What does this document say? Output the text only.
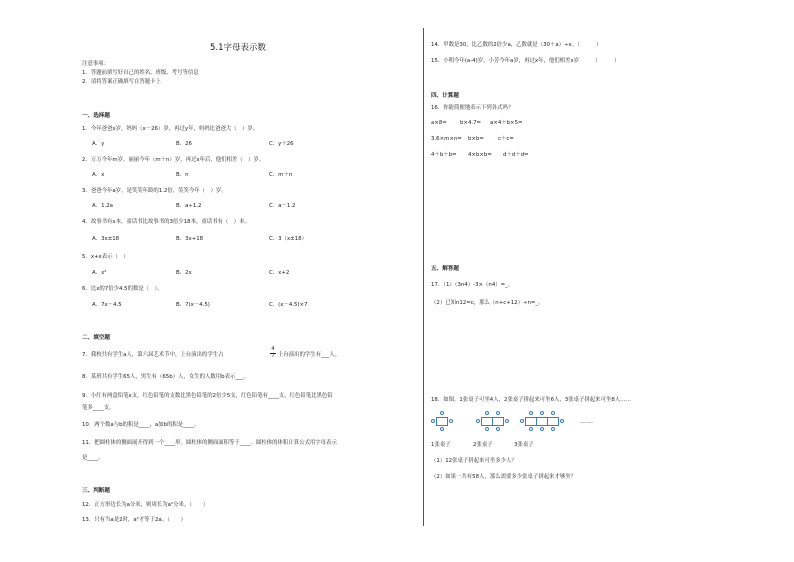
5.1字母表示数
注意事项：
1．答题前填写好自己的姓名、班级、考号等信息
2．请将答案正确填写在答题卡上
一、选择题
1．今年爸爸x岁，妈妈（x－26）岁，再过y年，妈妈比爸爸大（　）岁。
A．y	B．26	C．y＋26
2．万万今年m岁，丽丽今年（m＋n）岁，再过x年后，他们相差（　）岁。
A．x	B．n	C．m＋n
3．爸爸今年a岁，是笑笑年龄的1.2倍，笑笑今年（　）岁。
A．1.2a	B．a÷1.2	C．a－1.2
4．故事书有x本，童话书比故事书的3倍少18本，童话书有（　）本。
A．3x±18	B．3x+18	C．3（x±18）
5．x+x表示（　）
A．x²	B．2x	C．x+2
6．比x的7倍少4.5的数是（　）。
A．7x－4.5	B．7(x－4.5)	C．(x－4.5)×7
二、填空题
7．我校共有学生a人，第六届艺术节中，上台演出的学生占
4
7 上台演出的学生有___人。
8．某班共有学生65人，男生有（65b）人，女生的人数用b表示___。
9．小红有两盒铅笔x支，红色铅笔的支数比黑色铅笔的2倍少5支，红色铅笔有____支，红色铅笔比黑色铅
笔多____支。
10．两个数a与b的积是____，a加b的积是____。
11．把圆柱体的侧面展开得到一个____形。圆柱体的侧面面积等于____。圆柱体的体积计算公式用字母表示
是____。
三、判断题
12．正方形边长为a分米，则周长为a²分米。（　　）
13．只有当a是2时，a²才等于2a。（　　）
14．甲数是30，比乙数的2倍少a，乙数就是（30＋a）÷x。（　　　）
15．小明今年(a-4)岁，小芳今年a岁，再过x年，他们相差x岁　　　（　　　）
四、计算题
16．你能简便地表示下列各式吗？
a×8= b×4.7= a×4＋b×5=
3.6×m×n= b×b=	c＋c=
4＋b＋b= 4×b×b= d＋d＋d=
五、解答题
17．（1）（3n4）-3×（n4）=_。
（2）已知n12=c，那么（n+c+12）÷n=_。
18．如图，1张桌子可坐4人，2张桌子拼起来可坐6人，3张桌子拼起来可坐8人……
……
1张桌子	2张桌子	3张桌子
（1）12张桌子拼起来可坐多少人？
（2）如果一共有58人，那么需要多少张桌子拼起来才够坐？
